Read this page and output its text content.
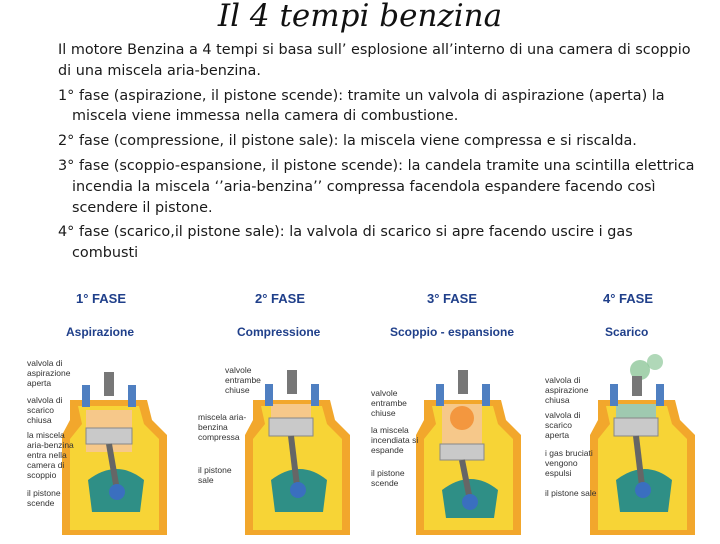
Il 4 tempi benzina

Il motore Benzina a 4 tempi si basa sull’ esplosione all’interno di una camera di scoppio di una miscela aria-benzina.

1° fase (aspirazione, il pistone scende): tramite un valvola di aspirazione (aperta) la miscela viene immessa nella camera di combustione.

2° fase (compressione, il pistone sale): la miscela viene compressa e si riscalda.

3° fase (scoppio-espansione, il pistone scende): la candela tramite una scintilla elettrica incendia la miscela ‘’aria-benzina’’ compressa facendola espandere facendo così scendere il pistone.

4° fase (scarico,il pistone sale): la valvola di scarico si apre facendo uscire i gas combusti

1° FASE
Aspirazione
2° FASE
Compressione
3° FASE
Scoppio - espansione
4° FASE
Scarico
valvola di aspirazione aperta
valvola di scarico chiusa
la miscela aria-benzina entra nella camera di scoppio
il pistone scende
valvole entrambe chiuse
miscela aria-benzina compressa
il pistone sale
valvole entrambe chiuse
la miscela incendiata si espande
il pistone scende
valvola di aspirazione chiusa
valvola di scarico aperta
i gas bruciati vengono espulsi
il pistone sale
